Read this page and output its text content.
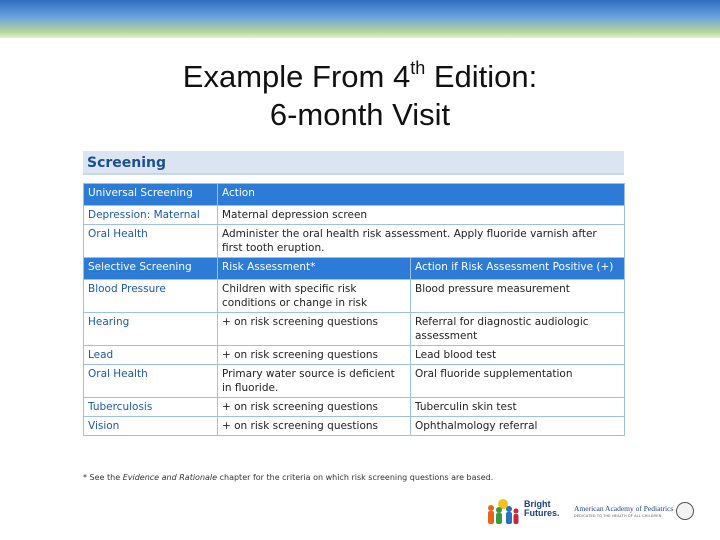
Example From 4th Edition:
6-month Visit
Screening
Universal Screening	Action	
Depression: Maternal	Maternal depression screen	
Oral Health	Administer the oral health risk assessment. Apply fluoride varnish after first tooth eruption.	
Selective Screening	Risk Assessment*	Action if Risk Assessment Positive (+)
Blood Pressure	Children with specific risk conditions or change in risk	Blood pressure measurement
Hearing	+ on risk screening questions	Referral for diagnostic audiologic assessment
Lead	+ on risk screening questions	Lead blood test
Oral Health	Primary water source is deficient in fluoride.	Oral fluoride supplementation
Tuberculosis	+ on risk screening questions	Tuberculin skin test
Vision	+ on risk screening questions	Ophthalmology referral
* See the Evidence and Rationale chapter for the criteria on which risk screening questions are based.
Bright
Futures. American Academy of Pediatrics
DEDICATED TO THE HEALTH OF ALL CHILDREN
